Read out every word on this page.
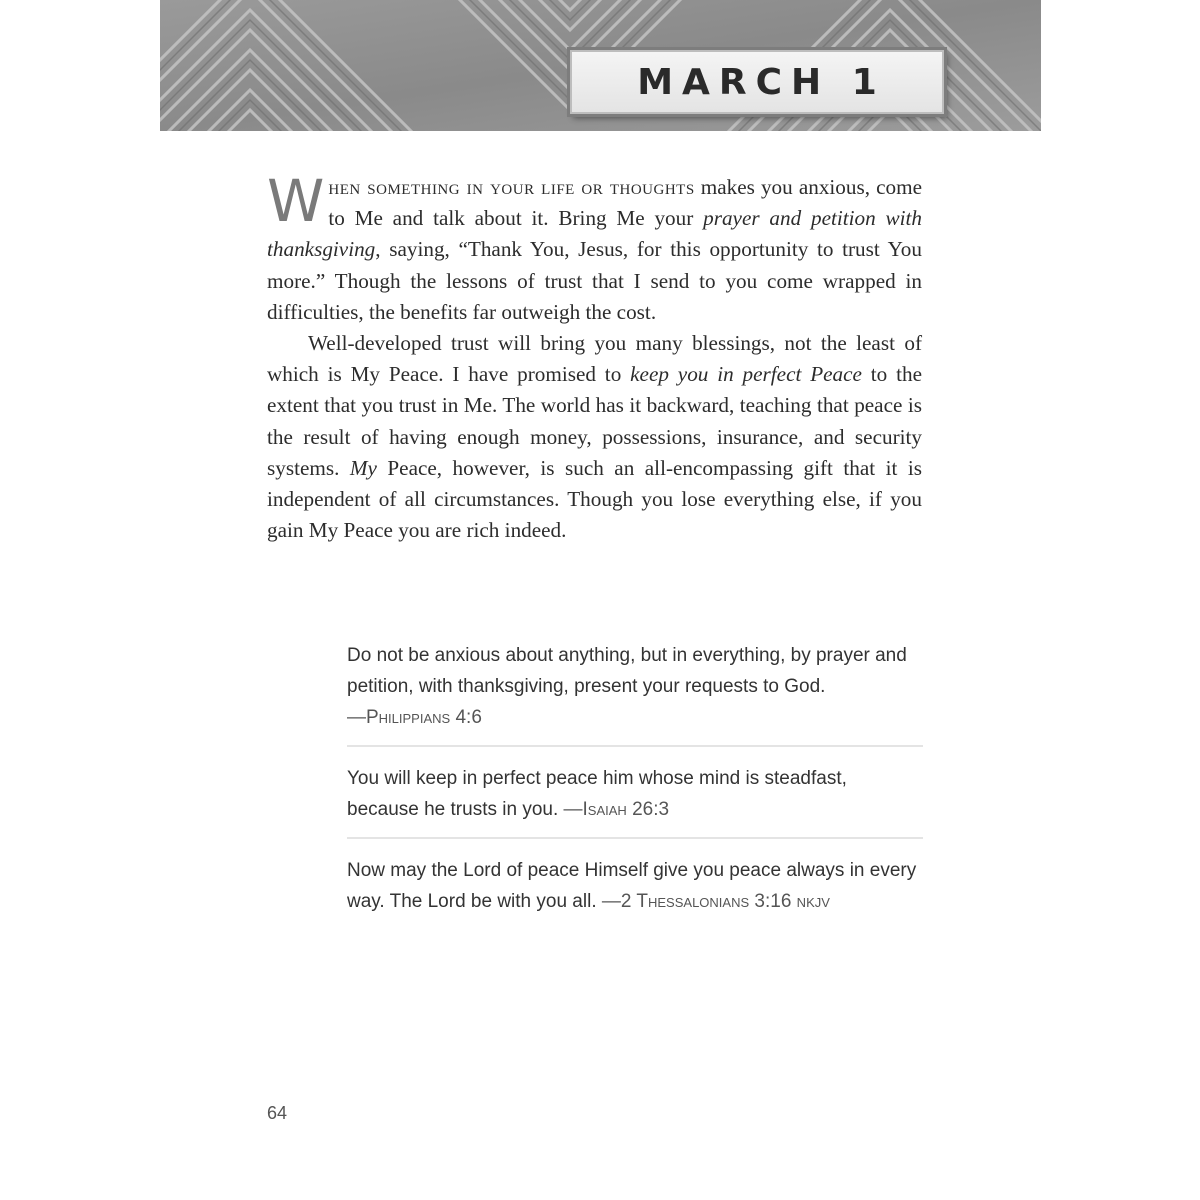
MARCH 1

When something in your life or thoughts makes you anxious, come to Me and talk about it. Bring Me your prayer and petition with thanksgiving, saying, “Thank You, Jesus, for this opportunity to trust You more.” Though the lessons of trust that I send to you come wrapped in difficulties, the benefits far outweigh the cost.

Well-developed trust will bring you many blessings, not the least of which is My Peace. I have promised to keep you in perfect Peace to the extent that you trust in Me. The world has it backward, teaching that peace is the result of having enough money, possessions, insurance, and security systems. My Peace, however, is such an all-encompassing gift that it is independent of all circumstances. Though you lose everything else, if you gain My Peace you are rich indeed.

Do not be anxious about anything, but in everything, by prayer and petition, with thanksgiving, present your requests to God.
—Philippians 4:6
You will keep in perfect peace him whose mind is steadfast, because he trusts in you. —Isaiah 26:3
Now may the Lord of peace Himself give you peace always in every way. The Lord be with you all. —2 Thessalonians 3:16 nkjv
64
